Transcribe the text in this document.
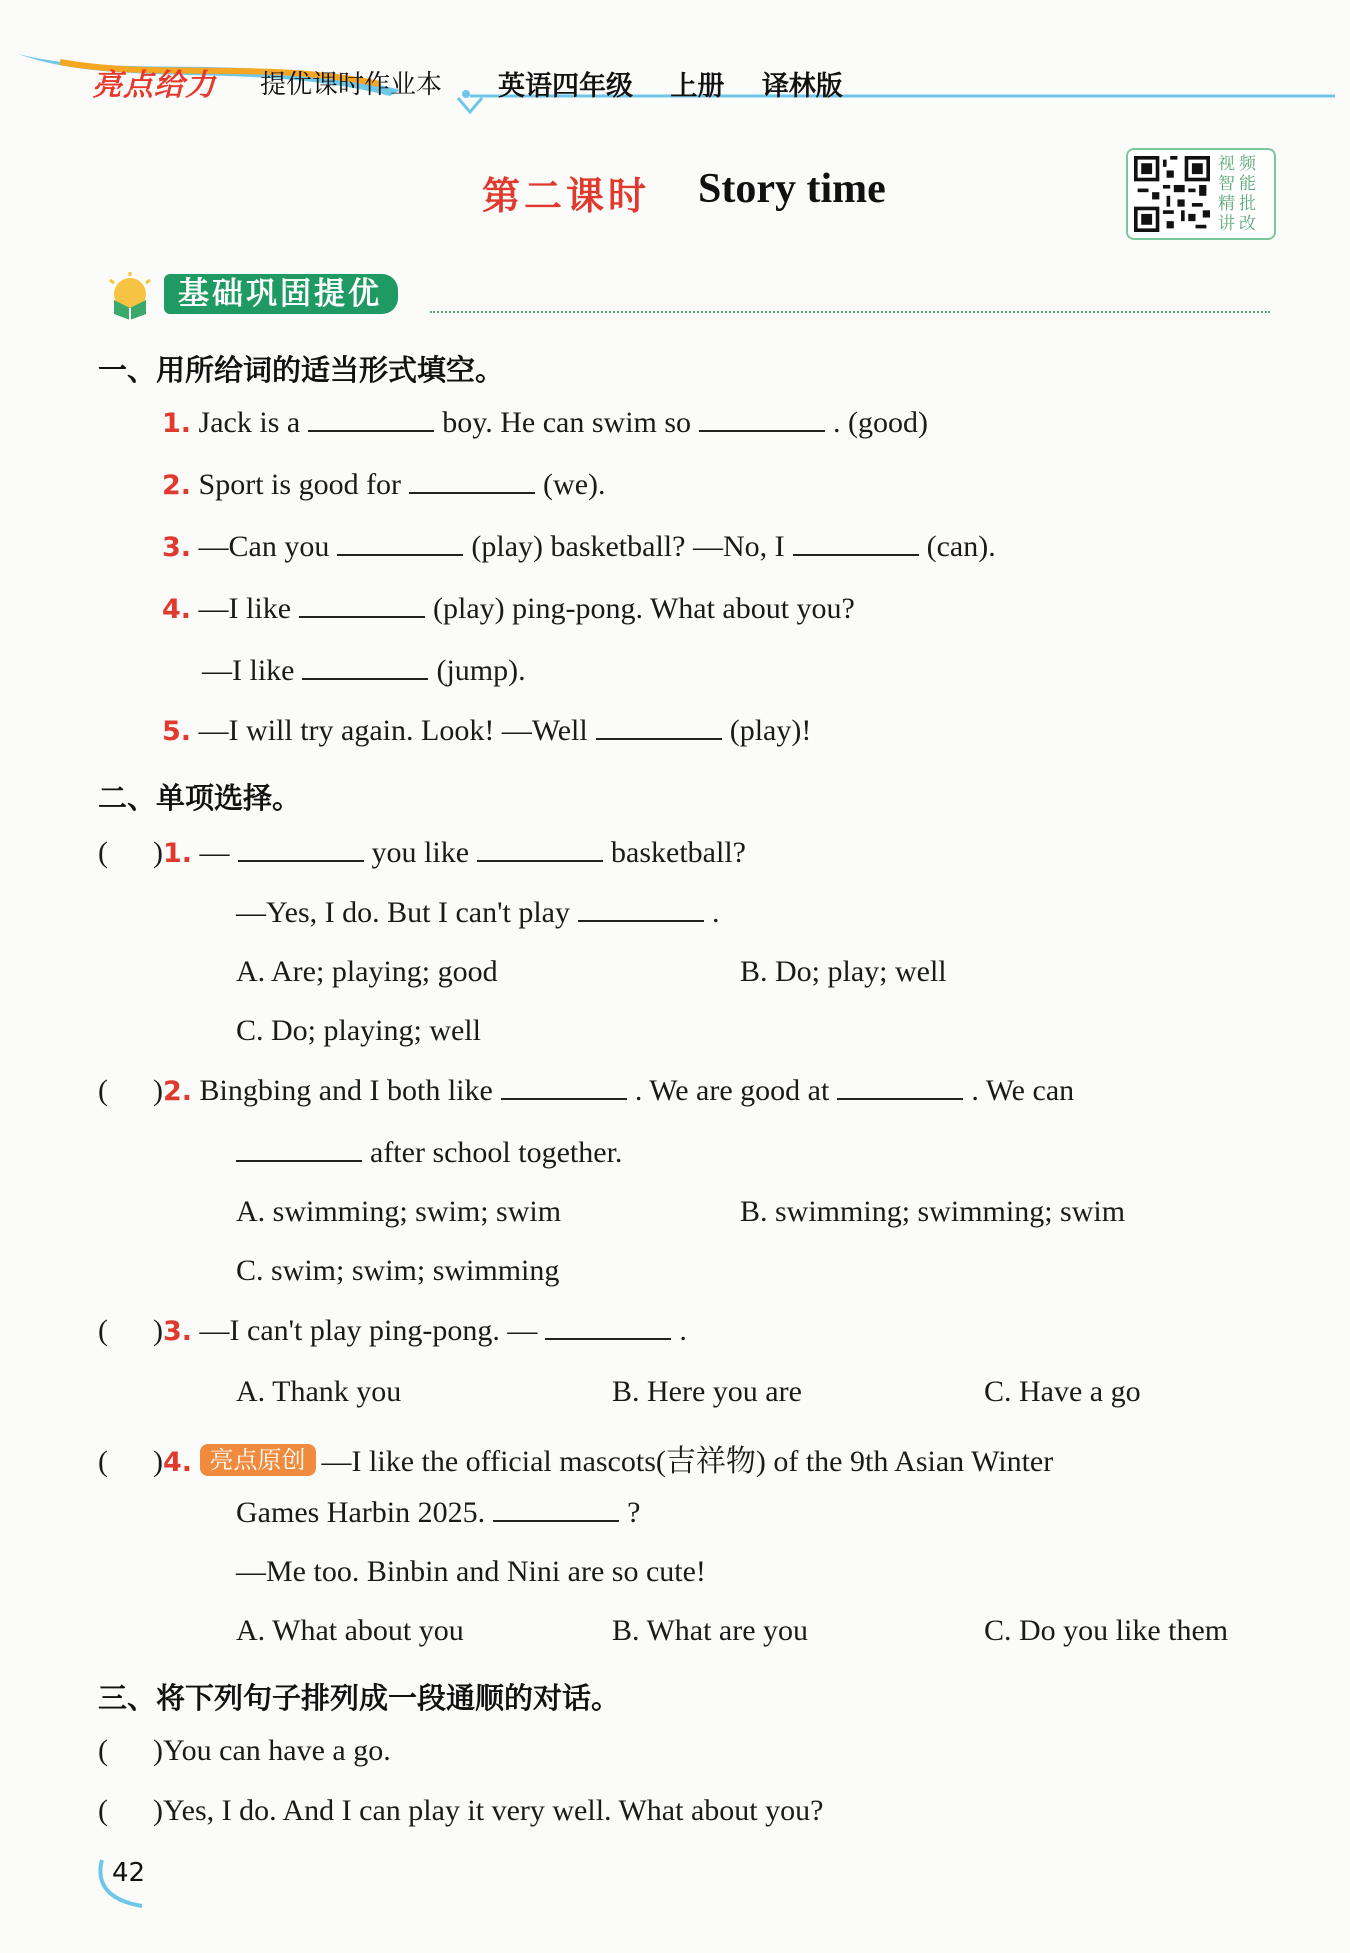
亮点给力 提优课时作业本 英语四年级 上册 译林版
第二课时 Story time
视频智能精批讲改
基础巩固提优
一、用所给词的适当形式填空。
1. Jack is a	boy. He can swim so	. (good)
2. Sport is good for	(we).
3. —Can you	(play) basketball? —No, I	(can).
4. —I like	(play) ping-pong. What about you?
—I like	(jump).
5. —I will try again. Look! —Well	(play)!
二、单项选择。
(      )1. —	you like	basketball?
—Yes, I do. But I can't play	.
A. Are; playing; good	B. Do; play; well
C. Do; playing; well
(      )2. Bingbing and I both like	. We are good at	. We can
after school together.
A. swimming; swim; swim	B. swimming; swimming; swim
C. swim; swim; swimming
(      )3. —I can't play ping-pong. —	.
A. Thank you	B. Here you are	C. Have a go
(      )4. 亮点原创 —I like the official mascots(吉祥物) of the 9th Asian Winter
Games Harbin 2025.	?
—Me too. Binbin and Nini are so cute!
A. What about you	B. What are you	C. Do you like them
三、将下列句子排列成一段通顺的对话。
(      )You can have a go.
(      )Yes, I do. And I can play it very well. What about you?
42
